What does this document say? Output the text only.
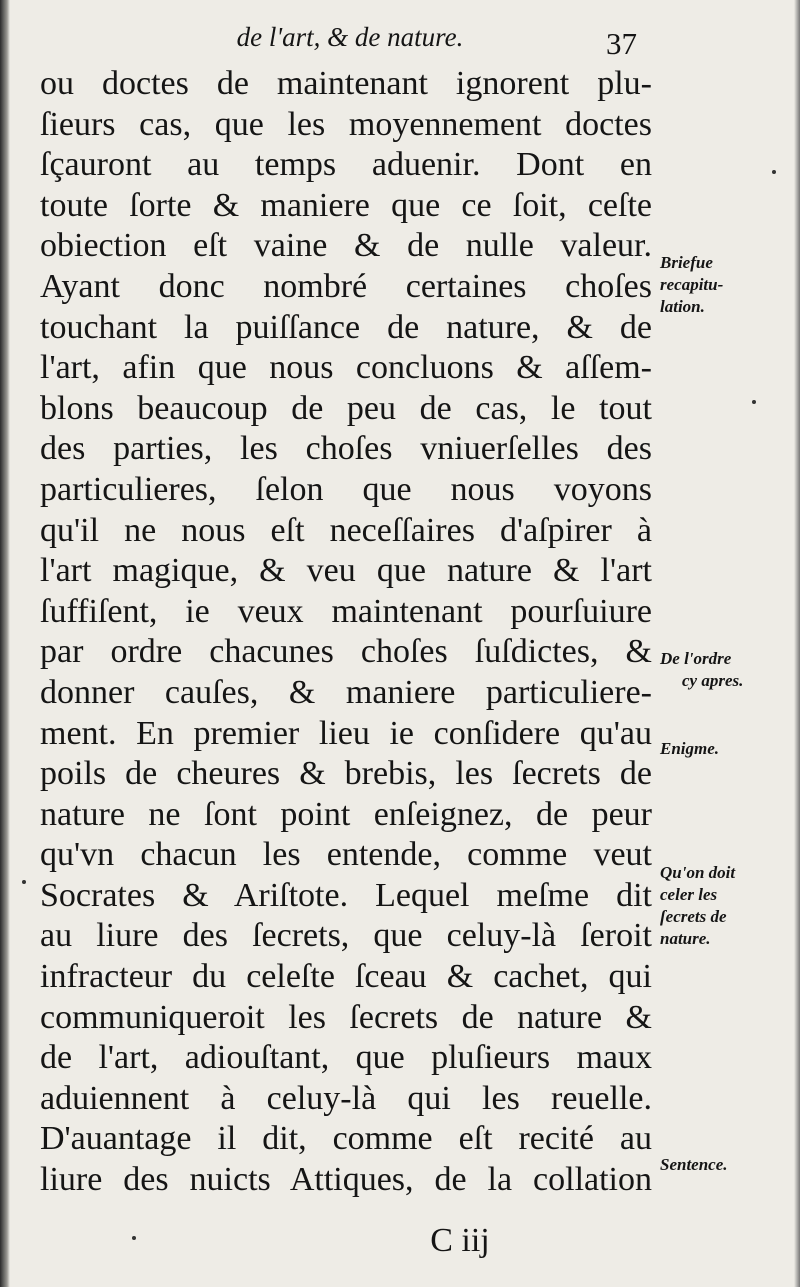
de l'art, & de nature.	37
ou doctes de maintenant ignorent plu-
ſieurs cas, que les moyennement doctes
ſçauront au temps aduenir. Dont en
toute ſorte & maniere que ce ſoit, ceſte
obiection eſt vaine & de nulle valeur.
Ayant donc nombré certaines choſes
touchant la puiſſance de nature, & de
l'art, afin que nous concluons & aſſem-
blons beaucoup de peu de cas, le tout
des parties, les choſes vniuerſelles des
particulieres, ſelon que nous voyons
qu'il ne nous eſt neceſſaires d'aſpirer à
l'art magique, & veu que nature & l'art
ſuffiſent, ie veux maintenant pourſuiure
par ordre chacunes choſes ſuſdictes, &
donner cauſes, & maniere particuliere-
ment. En premier lieu ie conſidere qu'au
poils de cheures & brebis, les ſecrets de
nature ne ſont point enſeignez, de peur
qu'vn chacun les entende, comme veut
Socrates & Ariſtote. Lequel meſme dit
au liure des ſecrets, que celuy-là ſeroit
infracteur du celeſte ſceau & cachet, qui
communiqueroit les ſecrets de nature &
de l'art, adiouſtant, que pluſieurs maux
aduiennent à celuy-là qui les reuelle.
D'auantage il dit, comme eſt recité au
liure des nuicts Attiques, de la collation
Briefue
recapitu-
lation.
De l'ordre
cy apres.
Enigme.
Qu'on doit
celer les
ſecrets de
nature.
Sentence.
C iij
